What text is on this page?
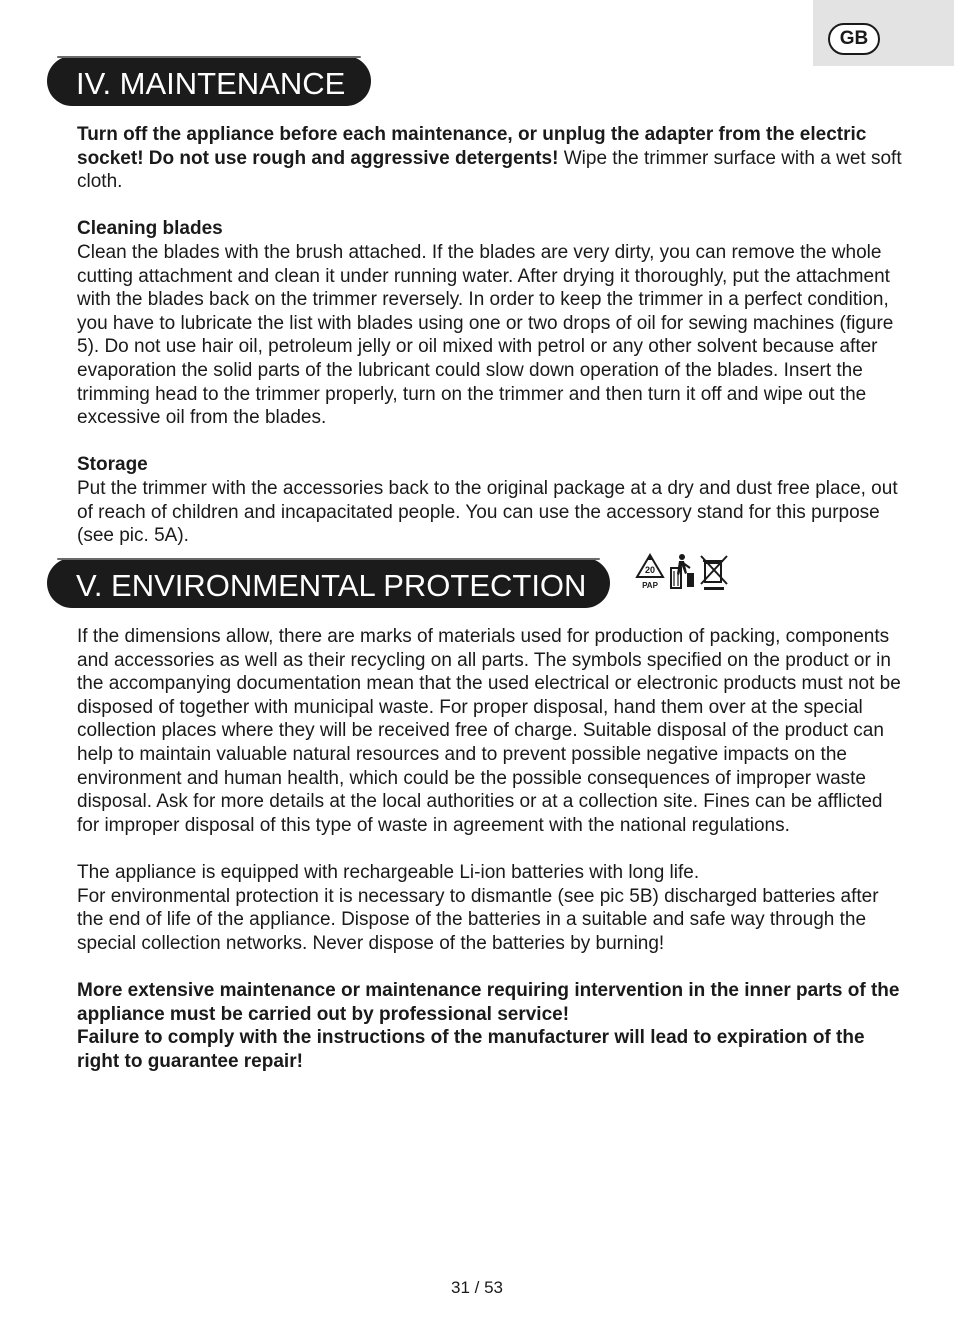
GB
IV. MAINTENANCE

Turn off the appliance before each maintenance, or unplug the adapter from the electric socket! Do not use rough and aggressive detergents! Wipe the trimmer surface with a wet soft cloth.

Cleaning blades

Clean the blades with the brush attached. If the blades are very dirty, you can remove the whole cutting attachment and clean it under running water. After drying it thoroughly, put the attachment with the blades back on the trimmer reversely. In order to keep the trimmer in a perfect condition, you have to lubricate the list with blades using one or two drops of oil for sewing machines (figure 5). Do not use hair oil, petroleum jelly or oil mixed with petrol or any other solvent because after evaporation the solid parts of the lubricant could slow down operation of the blades. Insert the trimming head to the trimmer properly, turn on the trimmer and then turn it off and wipe out the excessive oil from the blades.

Storage

Put the trimmer with the accessories back to the original package at a dry and dust free place, out of reach of children and incapacitated people. You can use the accessory stand for this purpose (see pic. 5A).

V. ENVIRONMENTAL PROTECTION	20
PAP

If the dimensions allow, there are marks of materials used for production of packing, components and accessories as well as their recycling on all parts. The symbols specified on the product or in the accompanying documentation mean that the used electrical or electronic products must not be disposed of together with municipal waste. For proper disposal, hand them over at the special collection places where they will be received free of charge. Suitable disposal of the product can help to maintain valuable natural resources and to prevent possible negative impacts on the environment and human health, which could be the possible consequences of improper waste disposal. Ask for more details at the local authorities or at a collection site. Fines can be afflicted for improper disposal of this type of waste in agreement with the national regulations.

The appliance is equipped with rechargeable Li-ion batteries with long life.

For environmental protection it is necessary to dismantle (see pic 5B) discharged batteries after the end of life of the appliance. Dispose of the batteries in a suitable and safe way through the special collection networks. Never dispose of the batteries by burning!

More extensive maintenance or maintenance requiring intervention in the inner parts of the appliance must be carried out by professional service!

Failure to comply with the instructions of the manufacturer will lead to expiration of the right to guarantee repair!

31 / 53
